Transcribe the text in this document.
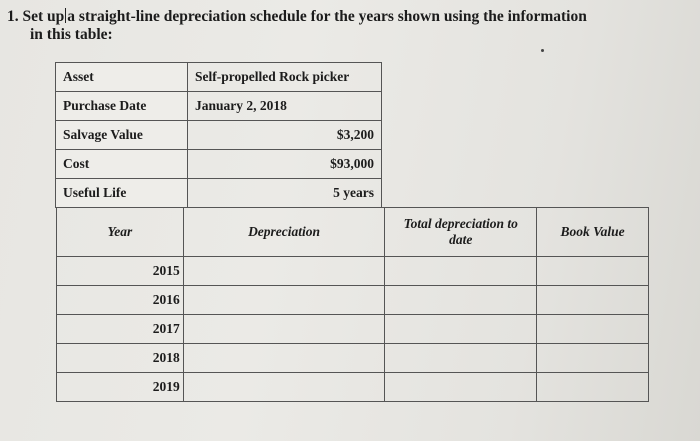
1. Set up a straight-line depreciation schedule for the years shown using the information
in this table:
Asset	Self-propelled Rock picker
Purchase Date	January 2, 2018
Salvage Value	$3,200
Cost	$93,000
Useful Life	5 years
Year	Depreciation	Total depreciation to date	Book Value
2015			
2016			
2017			
2018			
2019			
